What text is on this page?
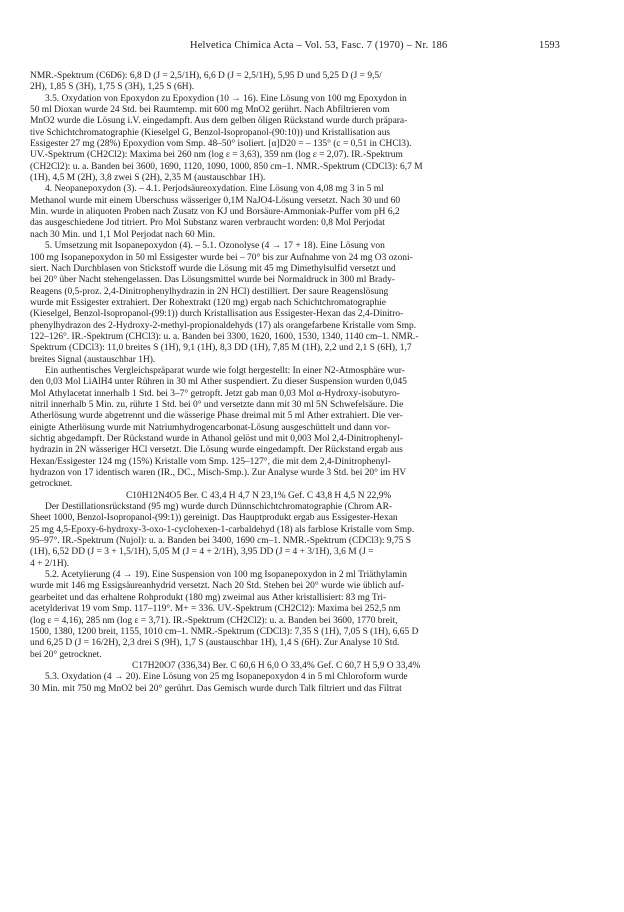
Helvetica Chimica Acta – Vol. 53, Fasc. 7 (1970) – Nr. 186	1593
NMR.-Spektrum (C6D6): 6,8 D (J = 2,5/1H), 6,6 D (J = 2,5/1H), 5,95 D und 5,25 D (J = 9,5/
2H), 1,85 S (3H), 1,75 S (3H), 1,25 S (6H).
3.5. Oxydation von Epoxydon zu Epoxydion (10 → 16). Eine Lösung von 100 mg Epoxydon in
50 ml Dioxan wurde 24 Std. bei Raumtemp. mit 600 mg MnO2 gerührt. Nach Abfiltrieren vom
MnO2 wurde die Lösung i.V. eingedampft. Aus dem gelben öligen Rückstand wurde durch präpara-
tive Schichtchromatographie (Kieselgel G, Benzol-Isopropanol-(90:10)) und Kristallisation aus
Essigester 27 mg (28%) Epoxydion vom Smp. 48–50° isoliert. [α]D20 = – 135° (c = 0,51 in CHCl3).
UV.-Spektrum (CH2Cl2): Maxima bei 260 nm (log ε = 3,63), 359 nm (log ε = 2,07). IR.-Spektrum
(CH2Cl2): u. a. Banden bei 3600, 1690, 1120, 1090, 1000, 850 cm–1. NMR.-Spektrum (CDCl3): 6,7 M
(1H), 4,5 M (2H), 3,8 zwei S (2H), 2,35 M (austauschbar 1H).
4. Neopanepoxydon (3). – 4.1. Perjodsäureoxydation. Eine Lösung von 4,08 mg 3 in 5 ml
Methanol wurde mit einem Überschuss wässeriger 0,1M NaJO4-Lösung versetzt. Nach 30 und 60
Min. wurde in aliquoten Proben nach Zusatz von KJ und Borsäure-Ammoniak-Puffer vom pH 6,2
das ausgeschiedene Jod titriert. Pro Mol Substanz waren verbraucht worden: 0,8 Mol Perjodat
nach 30 Min. und 1,1 Mol Perjodat nach 60 Min.
5. Umsetzung mit Isopanepoxydon (4). – 5.1. Ozonolyse (4 → 17 + 18). Eine Lösung von
100 mg Isopanepoxydon in 50 ml Essigester wurde bei – 70° bis zur Aufnahme von 24 mg O3 ozoni-
siert. Nach Durchblasen von Stickstoff wurde die Lösung mit 45 mg Dimethylsulfid versetzt und
bei 20° über Nacht stehengelassen. Das Lösungsmittel wurde bei Normaldruck in 300 ml Brady-
Reagens (0,5-proz. 2,4-Dinitrophenylhydrazin in 2N HCl) destilliert. Der saure Reagenslösung
wurde mit Essigester extrahiert. Der Rohextrakt (120 mg) ergab nach Schichtchromatographie
(Kieselgel, Benzol-Isopropanol-(99:1)) durch Kristallisation aus Essigester-Hexan das 2,4-Dinitro-
phenylhydrazon des 2-Hydroxy-2-methyl-propionaldehyds (17) als orangefarbene Kristalle vom Smp.
122–126°. IR.-Spektrum (CHCl3): u. a. Banden bei 3300, 1620, 1600, 1530, 1340, 1140 cm–1. NMR.-
Spektrum (CDCl3): 11,0 breites S (1H), 9,1 (1H), 8,3 DD (1H), 7,85 M (1H), 2,2 und 2,1 S (6H), 1,7
breites Signal (austauschbar 1H).
Ein authentisches Vergleichspräparat wurde wie folgt hergestellt: In einer N2-Atmosphäre wur-
den 0,03 Mol LiAlH4 unter Rühren in 30 ml Äther suspendiert. Zu dieser Suspension wurden 0,045
Mol Äthylacetat innerhalb 1 Std. bei 3–7° getropft. Jetzt gab man 0,03 Mol α-Hydroxy-isobutyro-
nitril innerhalb 5 Min. zu, rührte 1 Std. bei 0° und versetzte dann mit 30 ml 5N Schwefelsäure. Die
Ätherlösung wurde abgetrennt und die wässerige Phase dreimal mit 5 ml Äther extrahiert. Die ver-
einigte Ätherlösung wurde mit Natriumhydrogencarbonat-Lösung ausgeschüttelt und dann vor-
sichtig abgedampft. Der Rückstand wurde in Äthanol gelöst und mit 0,003 Mol 2,4-Dinitrophenyl-
hydrazin in 2N wässeriger HCl versetzt. Die Lösung wurde eingedampft. Der Rückstand ergab aus
Hexan/Essigester 124 mg (15%) Kristalle vom Smp. 125–127°, die mit dem 2,4-Dinitrophenyl-
hydrazon von 17 identisch waren (IR., DC., Misch-Smp.). Zur Analyse wurde 3 Std. bei 20° im HV
getrocknet.
C10H12N4O5 Ber. C 43,4 H 4,7 N 23,1% Gef. C 43,8 H 4,5 N 22,9%
Der Destillationsrückstand (95 mg) wurde durch Dünnschichtchromatographie (Chrom AR-
Sheet 1000, Benzol-Isopropanol-(99:1)) gereinigt. Das Hauptprodukt ergab aus Essigester-Hexan
25 mg 4,5-Epoxy-6-hydroxy-3-oxo-1-cyclohexen-1-carbaldehyd (18) als farblose Kristalle vom Smp.
95–97°. IR.-Spektrum (Nujol): u. a. Banden bei 3400, 1690 cm–1. NMR.-Spektrum (CDCl3): 9,75 S
(1H), 6,52 DD (J = 3 + 1,5/1H), 5,05 M (J = 4 + 2/1H), 3,95 DD (J = 4 + 3/1H), 3,6 M (J =
4 + 2/1H).
5.2. Acetylierung (4 → 19). Eine Suspension von 100 mg Isopanepoxydon in 2 ml Triäthylamin
wurde mit 146 mg Essigsäureanhydrid versetzt. Nach 20 Std. Stehen bei 20° wurde wie üblich auf-
gearbeitet und das erhaltene Rohprodukt (180 mg) zweimal aus Äther kristallisiert: 83 mg Tri-
acetylderivat 19 vom Smp. 117–119°. M+ = 336. UV.-Spektrum (CH2Cl2): Maxima bei 252,5 nm
(log ε = 4,16), 285 nm (log ε = 3,71). IR.-Spektrum (CH2Cl2): u. a. Banden bei 3600, 1770 breit,
1500, 1380, 1200 breit, 1155, 1010 cm–1. NMR.-Spektrum (CDCl3): 7,35 S (1H), 7,05 S (1H), 6,65 D
und 6,25 D (J = 16/2H), 2,3 drei S (9H), 1,7 S (austauschbar 1H), 1,4 S (6H). Zur Analyse 10 Std.
bei 20° getrocknet.
C17H20O7 (336,34) Ber. C 60,6 H 6,0 O 33,4% Gef. C 60,7 H 5,9 O 33,4%
5.3. Oxydation (4 → 20). Eine Lösung von 25 mg Isopanepoxydon 4 in 5 ml Chloroform wurde
30 Min. mit 750 mg MnO2 bei 20° gerührt. Das Gemisch wurde durch Talk filtriert und das Filtrat
